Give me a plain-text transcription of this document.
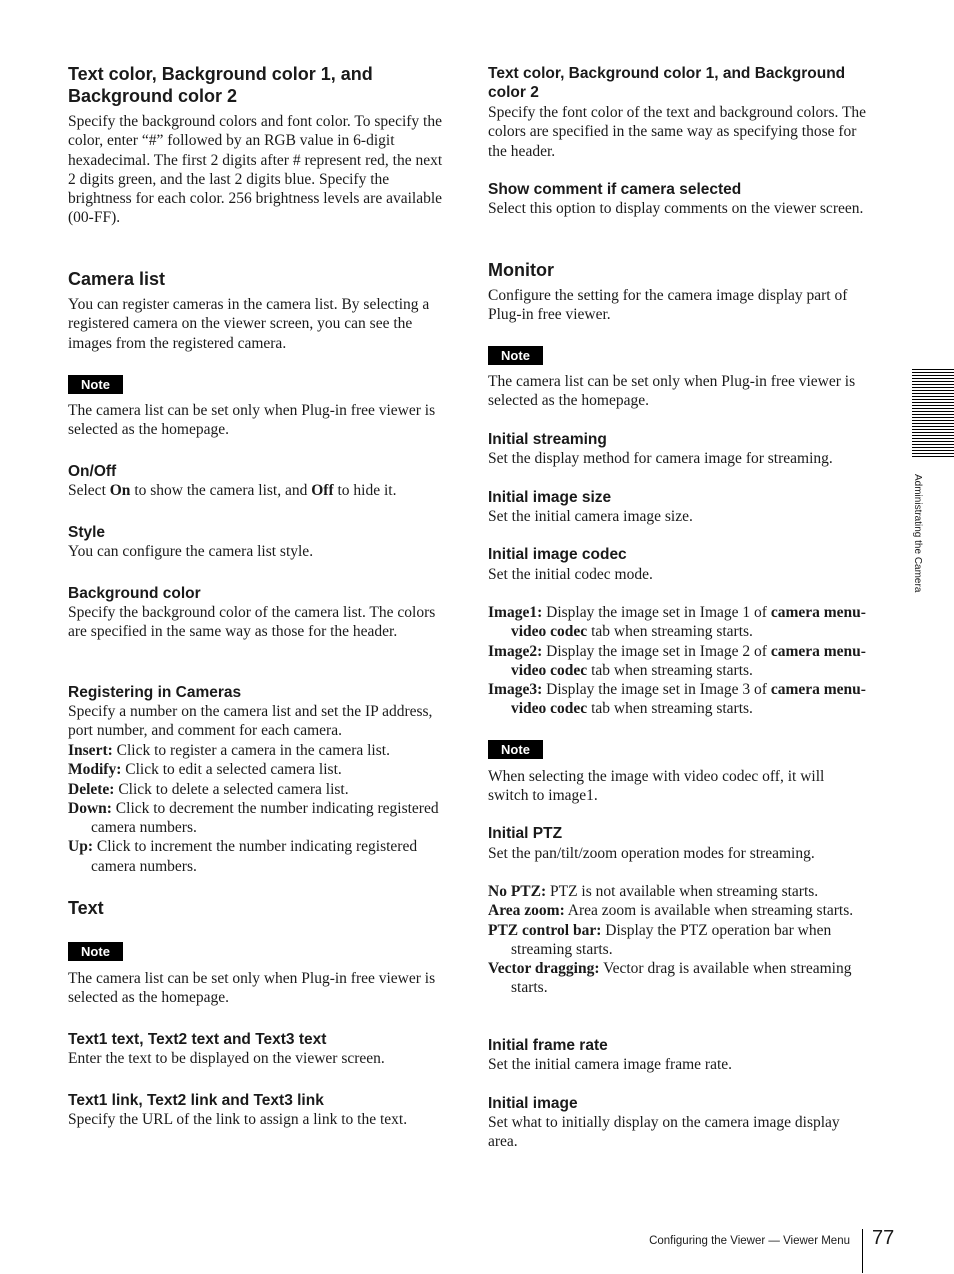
Text color, Background color 1, and Background color 2

Specify the background colors and font color. To specify the color, enter “#” followed by an RGB value in 6-digit hexadecimal. The first 2 digits after # represent red, the next 2 digits green, and the last 2 digits blue. Specify the brightness for each color. 256 brightness levels are available (00-FF).

Camera list

You can register cameras in the camera list. By selecting a registered camera on the viewer screen, you can see the images from the registered camera.

Note

The camera list can be set only when Plug-in free viewer is selected as the homepage.

On/Off

Select On to show the camera list, and Off to hide it.

Style

You can configure the camera list style.

Background color

Specify the background color of the camera list. The colors are specified in the same way as those for the header.

Registering in Cameras

Specify a number on the camera list and set the IP address, port number, and comment for each camera.

Insert: Click to register a camera in the camera list.

Modify: Click to edit a selected camera list.

Delete: Click to delete a selected camera list.

Down: Click to decrement the number indicating registered camera numbers.

Up: Click to increment the number indicating registered camera numbers.

Text
Note

The camera list can be set only when Plug-in free viewer is selected as the homepage.

Text1 text, Text2 text and Text3 text

Enter the text to be displayed on the viewer screen.

Text1 link, Text2 link and Text3 link

Specify the URL of the link to assign a link to the text.

Text color, Background color 1, and Background color 2

Specify the font color of the text and background colors. The colors are specified in the same way as specifying those for the header.

Show comment if camera selected

Select this option to display comments on the viewer screen.

Monitor

Configure the setting for the camera image display part of Plug-in free viewer.

Note

The camera list can be set only when Plug-in free viewer is selected as the homepage.

Initial streaming

Set the display method for camera image for streaming.

Initial image size

Set the initial camera image size.

Initial image codec

Set the initial codec mode.

Image1: Display the image set in Image 1 of camera menu-video codec tab when streaming starts.

Image2: Display the image set in Image 2 of camera menu-video codec tab when streaming starts.

Image3: Display the image set in Image 3 of camera menu-video codec tab when streaming starts.

Note

When selecting the image with video codec off, it will switch to image1.

Initial PTZ

Set the pan/tilt/zoom operation modes for streaming.

No PTZ: PTZ is not available when streaming starts.

Area zoom: Area zoom is available when streaming starts.

PTZ control bar: Display the PTZ operation bar when streaming starts.

Vector dragging: Vector drag is available when streaming starts.

Initial frame rate

Set the initial camera image frame rate.

Initial image

Set what to initially display on the camera image display area.

Administrating the Camera
Configuring the Viewer — Viewer Menu 77
